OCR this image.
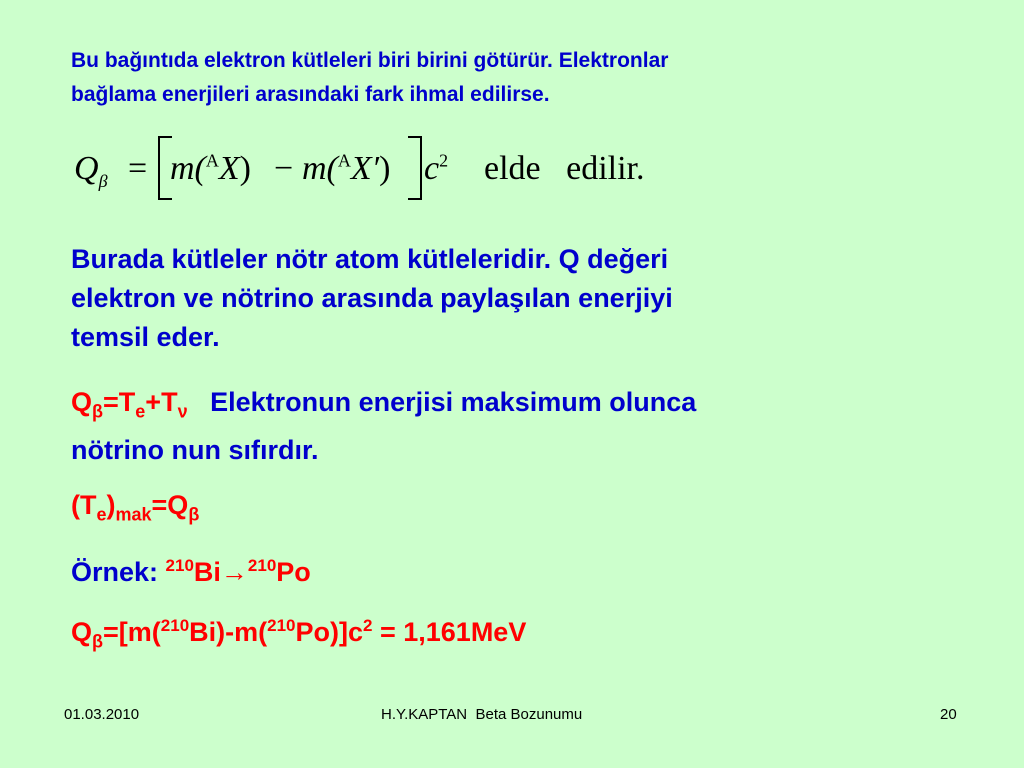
Bu bağıntıda elektron kütleleri biri birini götürür. Elektronlar
bağlama enerjileri arasındaki fark ihmal edilirse.
$Q_\beta = m(^AX) - m(^AX')$ $c^2$ elde   edilir.
Burada kütleler nötr atom kütleleridir. Q değeri
elektron ve nötrino arasında paylaşılan enerjiyi
temsil eder.
$Q_\beta=T_e+T_\nu$ Elektronun enerjisi maksimum olunca
nötrino nun sıfırdır.
$(T_e)_{mak}=Q_\beta$
Örnek: $^{210}$Bi→$^{210}$Po
$Q_\beta=[m(^{210}Bi)-m(^{210}Po)]c^2 = 1,161MeV$
01.03.2010	H.Y.KAPTAN  Beta Bozunumu	20
